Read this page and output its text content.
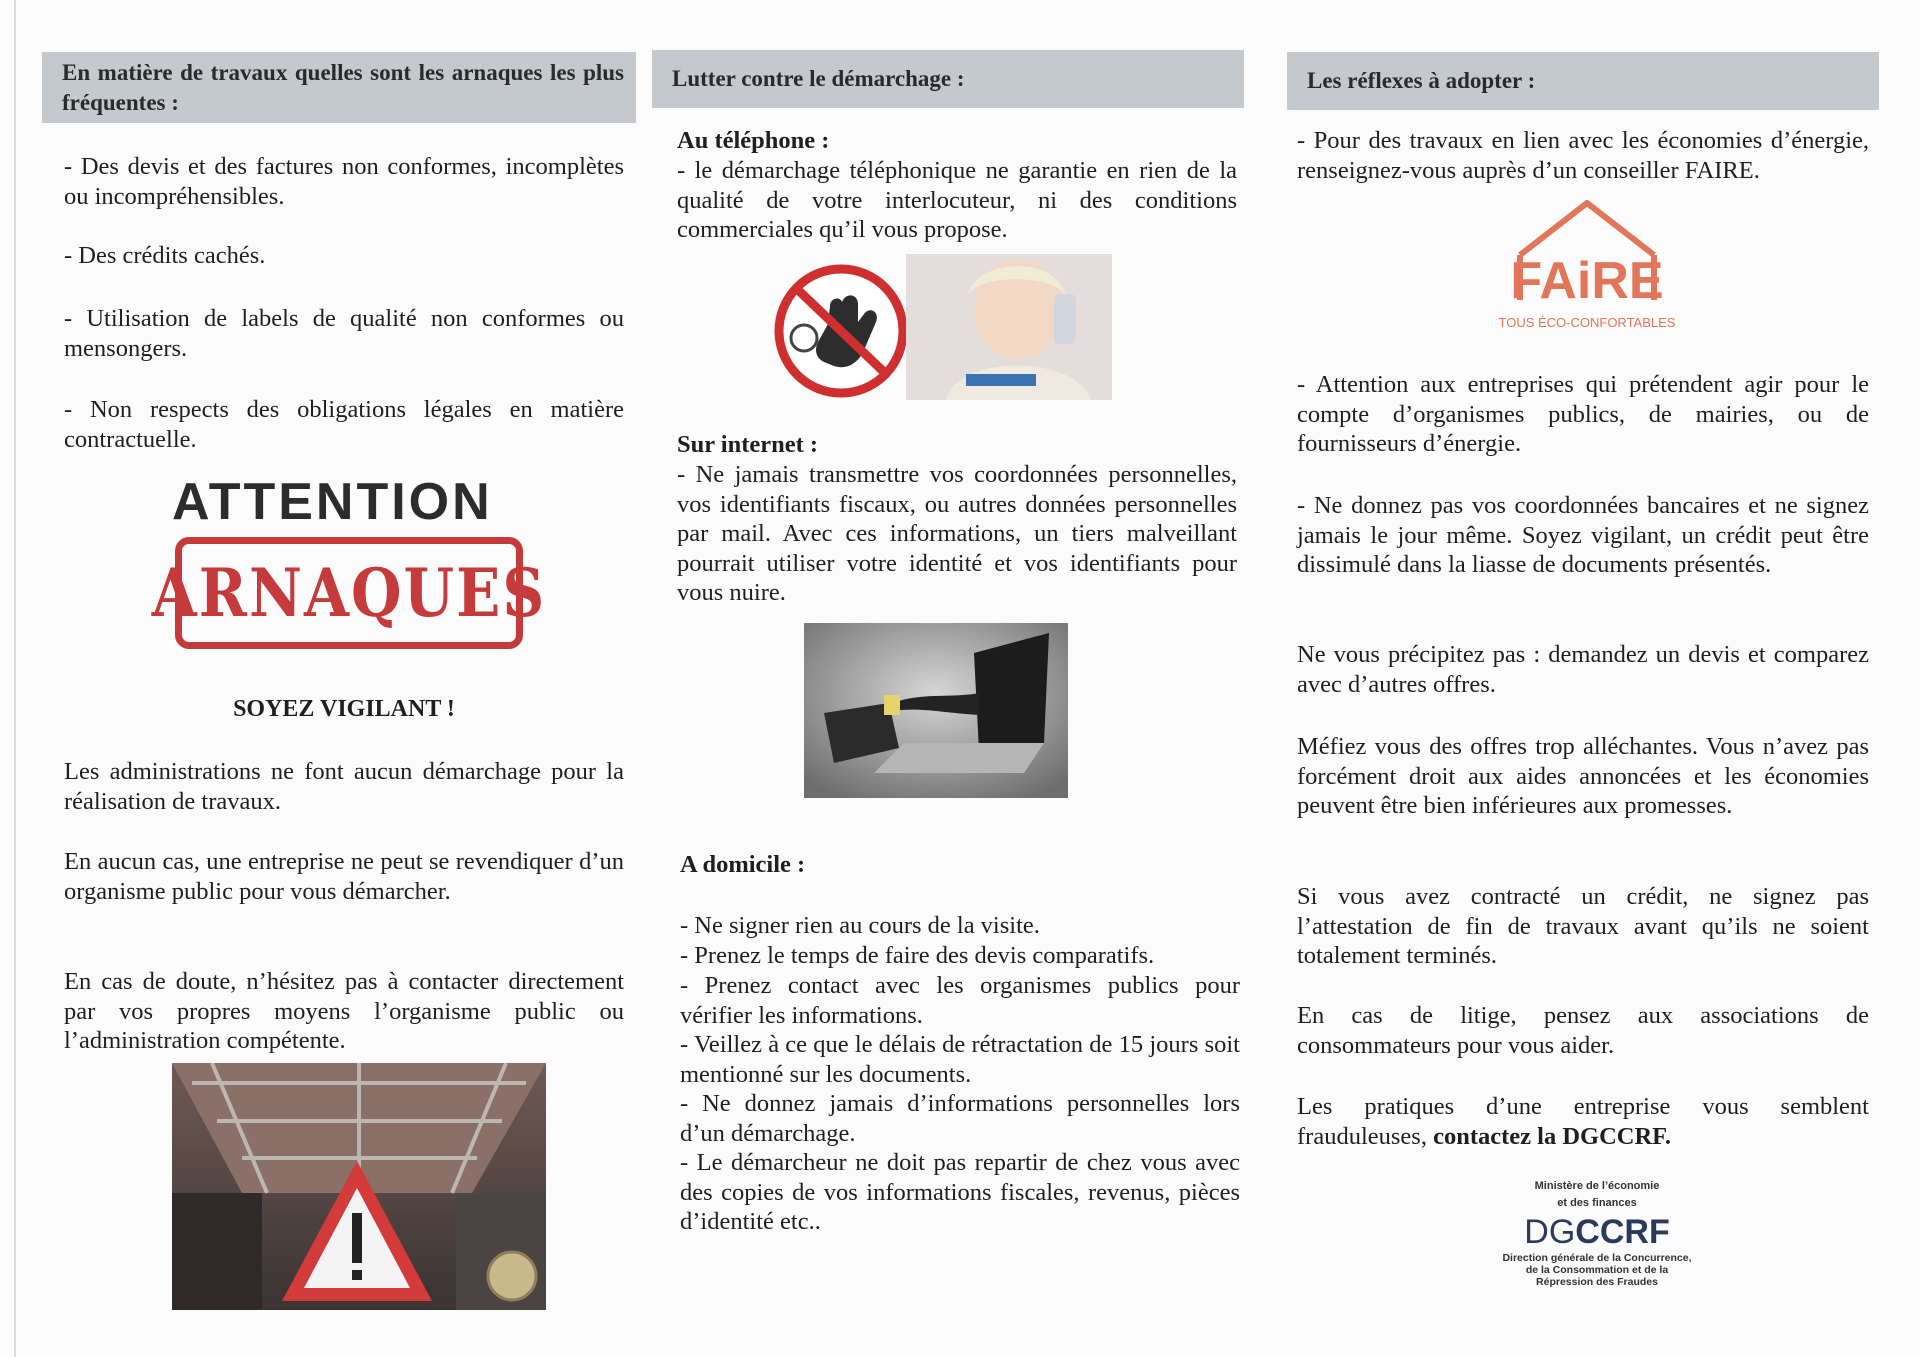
En matière de travaux quelles sont les arnaques les plus fréquentes :
- Des devis et des factures non conformes, incomplètes ou incompréhensibles.
- Des crédits cachés.
- Utilisation de labels de qualité non conformes ou mensongers.
- Non respects des obligations légales en matière contractuelle.
ATTENTION
ARNAQUES
SOYEZ VIGILANT !
Les administrations ne font aucun démarchage pour la réalisation de travaux.
En aucun cas, une entreprise ne peut se revendiquer d’un organisme public pour vous démarcher.
En cas de doute, n’hésitez pas à contacter directement par vos propres moyens l’organisme public ou l’administration compétente.
Lutter contre le démarchage :
Au téléphone :
- le démarchage téléphonique ne garantie en rien de la qualité de votre interlocuteur, ni des conditions commerciales qu’il vous propose.
Sur internet :
- Ne jamais transmettre vos coordonnées personnelles, vos identifiants fiscaux, ou autres données personnelles par mail. Avec ces informations, un tiers malveillant pourrait utiliser votre identité et vos identifiants pour vous nuire.
A domicile :
- Ne signer rien au cours de la visite.
- Prenez le temps de faire des devis comparatifs.
- Prenez contact avec les organismes publics pour vérifier les informations.
- Veillez à ce que le délais de rétractation de 15 jours soit mentionné sur les documents.
- Ne donnez jamais d’informations personnelles lors d’un démarchage.
- Le démarcheur ne doit pas repartir de chez vous avec des copies de vos informations fiscales, revenus, pièces d’identité etc..
Les réflexes à adopter :
- Pour des travaux en lien avec les économies d’énergie, renseignez-vous auprès d’un conseiller FAIRE.
FAiRE
TOUS ÉCO-CONFORTABLES
- Attention aux entreprises qui prétendent agir pour le compte d’organismes publics, de mairies, ou de fournisseurs d’énergie.
- Ne donnez pas vos coordonnées bancaires et ne signez jamais le jour même. Soyez vigilant, un crédit peut être dissimulé dans la liasse de documents présentés.
Ne vous précipitez pas : demandez un devis et comparez avec d’autres offres.
Méfiez vous des offres trop alléchantes. Vous n’avez pas forcément droit aux aides annoncées et les économies peuvent être bien inférieures aux promesses.
Si vous avez contracté un crédit, ne signez pas l’attestation de fin de travaux avant qu’ils ne soient totalement terminés.
En cas de litige, pensez aux associations de consommateurs pour vous aider.
Les pratiques d’une entreprise vous semblent frauduleuses, contactez la DGCCRF.
Ministère de l’économie
et des finances
DGCCRF
Direction générale de la Concurrence,
de la Consommation et de la
Répression des Fraudes
